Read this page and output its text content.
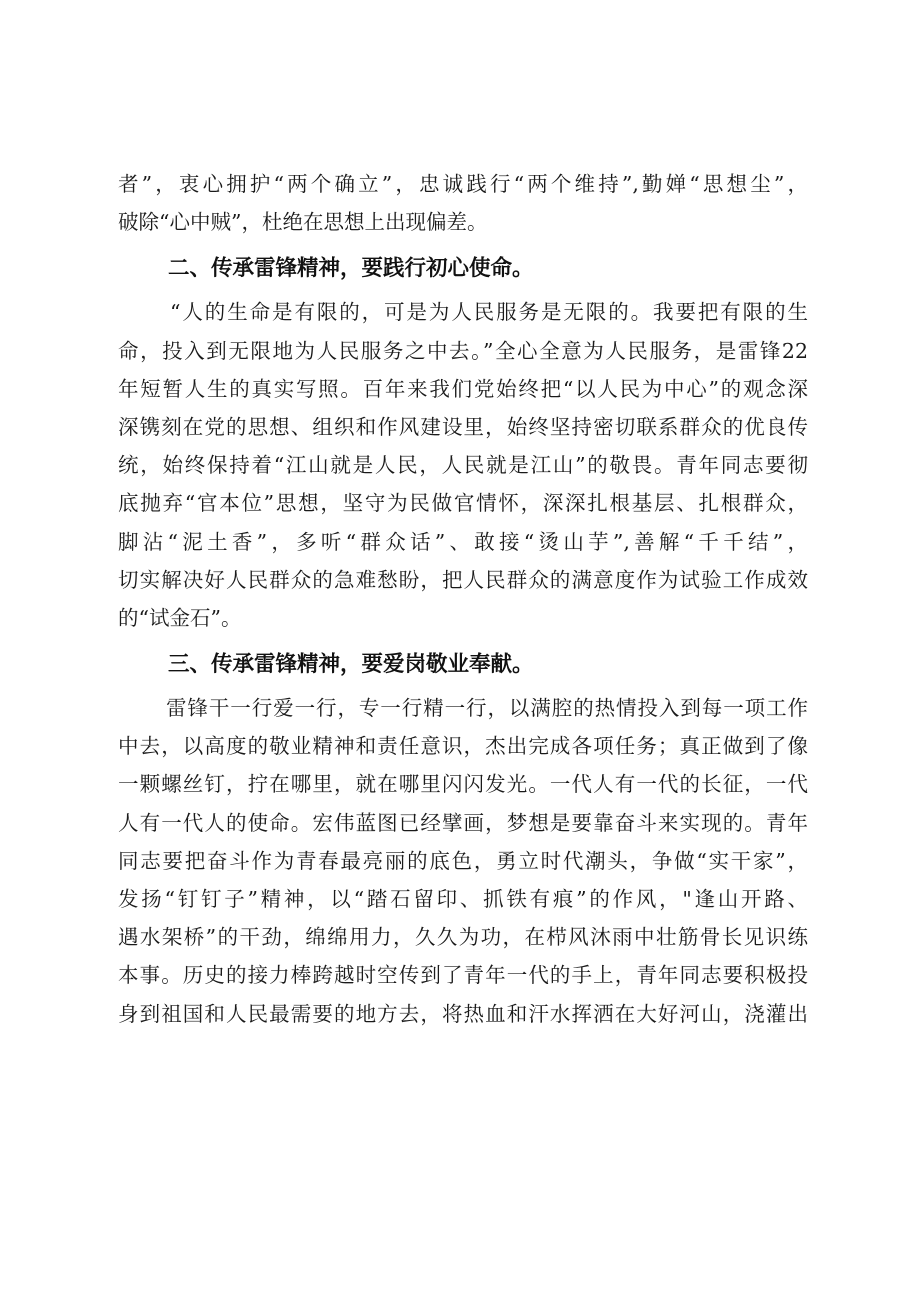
者”，衷心拥护“两个确立”，忠诚践行“两个维持”,勤婵“思想尘”，
破除“心中贼”，杜绝在思想上出现偏差。
二、传承雷锋精神，要践行初心使命。
“人的生命是有限的，可是为人民服务是无限的。我要把有限的生
命，投入到无限地为人民服务之中去。”全心全意为人民服务，是雷锋22
年短暂人生的真实写照。百年来我们党始终把“以人民为中心”的观念深
深镌刻在党的思想、组织和作风建设里，始终坚持密切联系群众的优良传
统，始终保持着“江山就是人民，人民就是江山”的敬畏。青年同志要彻
底抛弃“官本位”思想，坚守为民做官情怀，深深扎根基层、扎根群众，
脚沾“泥土香”，多听“群众话”、敢接“烫山芋”,善解“千千结”，
切实解决好人民群众的急难愁盼，把人民群众的满意度作为试验工作成效
的“试金石”。
三、传承雷锋精神，要爱岗敬业奉献。
雷锋干一行爱一行，专一行精一行，以满腔的热情投入到每一项工作
中去，以高度的敬业精神和责任意识，杰出完成各项任务；真正做到了像
一颗螺丝钉，拧在哪里，就在哪里闪闪发光。一代人有一代的长征，一代
人有一代人的使命。宏伟蓝图已经擘画，梦想是要靠奋斗来实现的。青年
同志要把奋斗作为青春最亮丽的底色，勇立时代潮头，争做“实干家”，
发扬“钉钉子”精神，以“踏石留印、抓铁有痕”的作风，"逢山开路、
遇水架桥”的干劲，绵绵用力，久久为功，在栉风沐雨中壮筋骨长见识练
本事。历史的接力棒跨越时空传到了青年一代的手上，青年同志要积极投
身到祖国和人民最需要的地方去，将热血和汗水挥洒在大好河山，浇灌出
